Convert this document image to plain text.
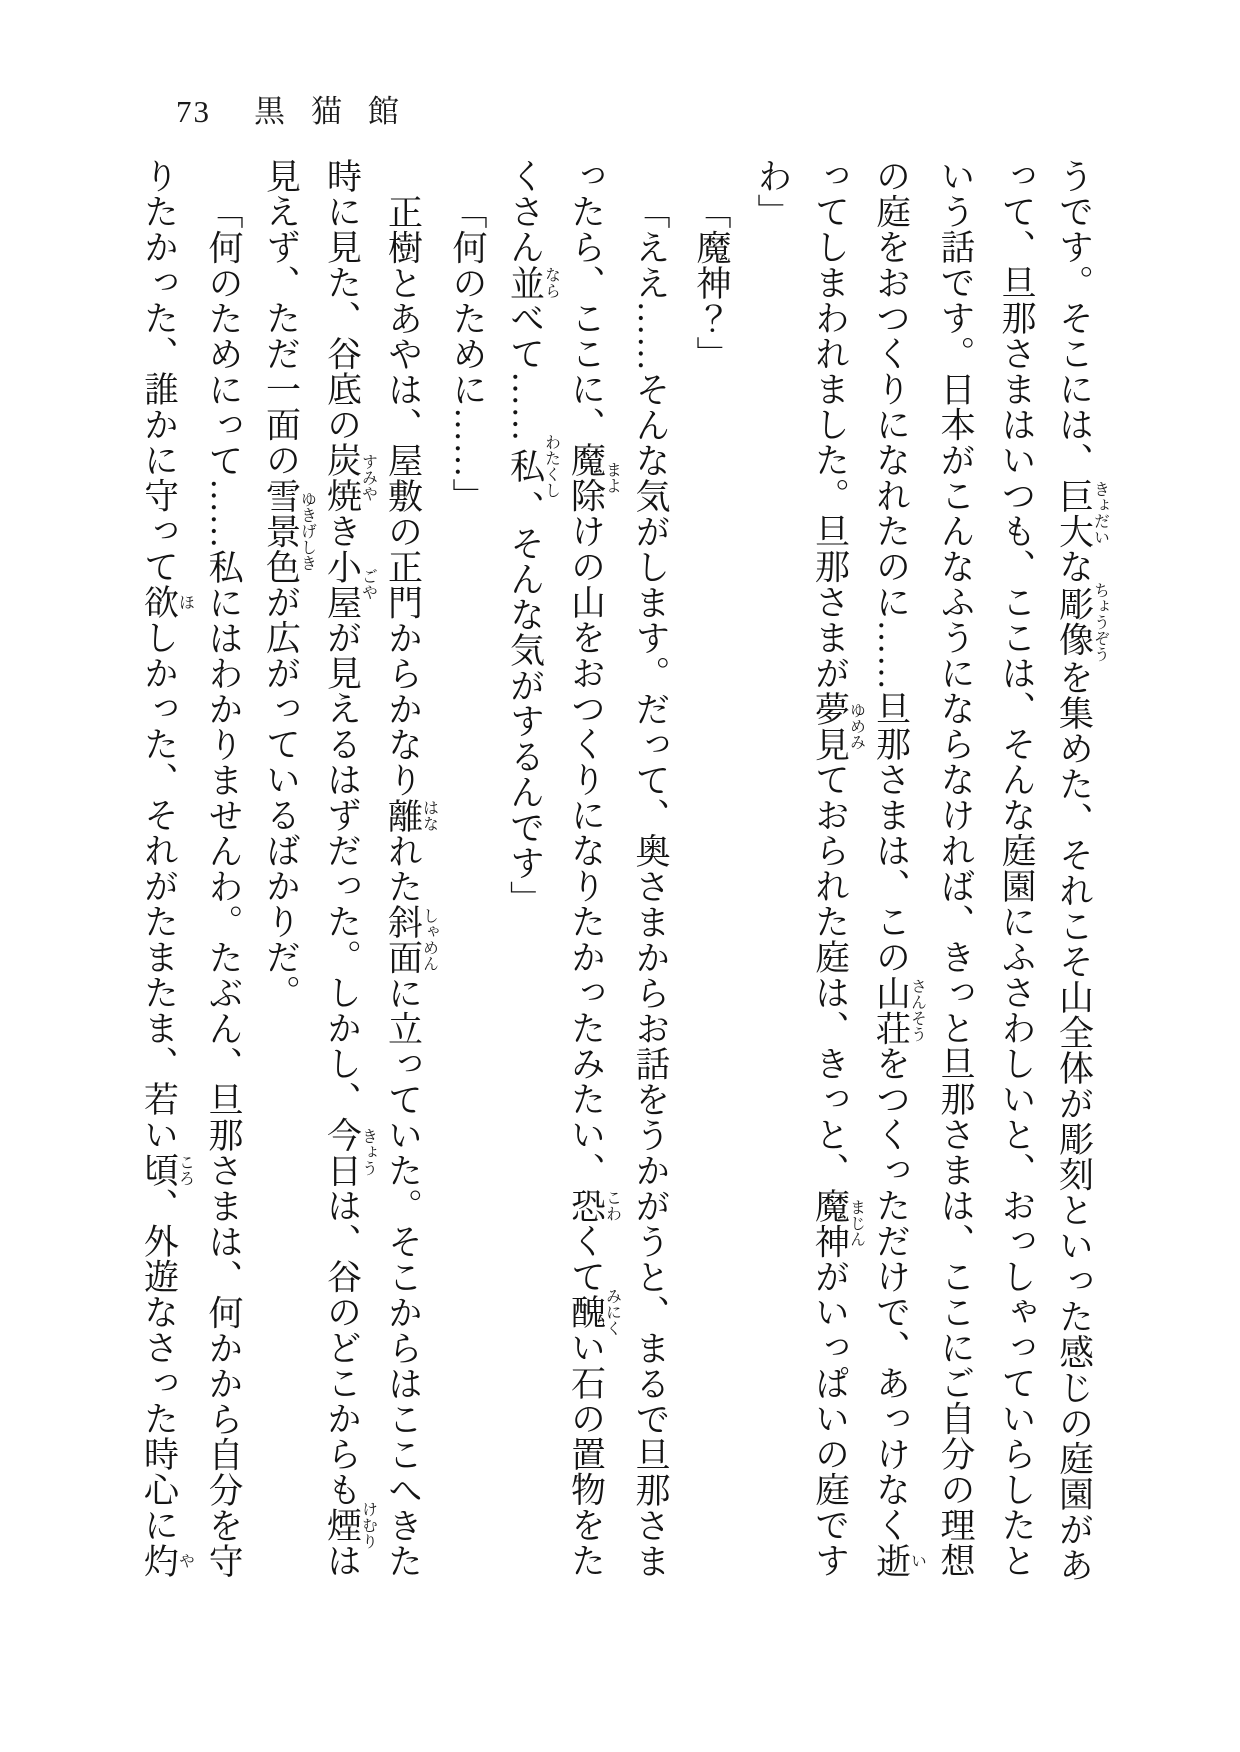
73 黒猫館
うです。そこには、巨大きょだいな彫像ちょうぞうを集めた、それこそ山全体が彫刻といった感じの庭園があ
って、旦那さまはいつも、ここは、そんな庭園にふさわしいと、おっしゃっていらしたと
いう話です。日本がこんなふうにならなければ、きっと旦那さまは、ここにご自分の理想
の庭をおつくりになれたのに……旦那さまは、この山荘さんそうをつくっただけで、あっけなく逝い
ってしまわれました。旦那さまが夢見ゆめみておられた庭は、きっと、魔神まじんがいっぱいの庭です
わ」
「魔神？」
「ええ……そんな気がします。だって、奥さまからお話をうかがうと、まるで旦那さま
ったら、ここに、魔除まよけの山をおつくりになりたかったみたい、恐こわくて醜みにくい石の置物をた
くさん並ならべて……私わたくし、そんな気がするんです」
「何のために……」
正樹とあやは、屋敷の正門からかなり離はなれた斜面しゃめんに立っていた。そこからはここへきた
時に見た、谷底の炭焼すみやき小屋ごやが見えるはずだった。しかし、今日きょうは、谷のどこからも煙けむりは
見えず、ただ一面の雪景色ゆきげしきが広がっているばかりだ。
「何のためにって……私にはわかりませんわ。たぶん、旦那さまは、何かから自分を守
りたかった、誰かに守って欲ほしかった、それがたまたま、若い頃ころ、外遊なさった時心に灼や
